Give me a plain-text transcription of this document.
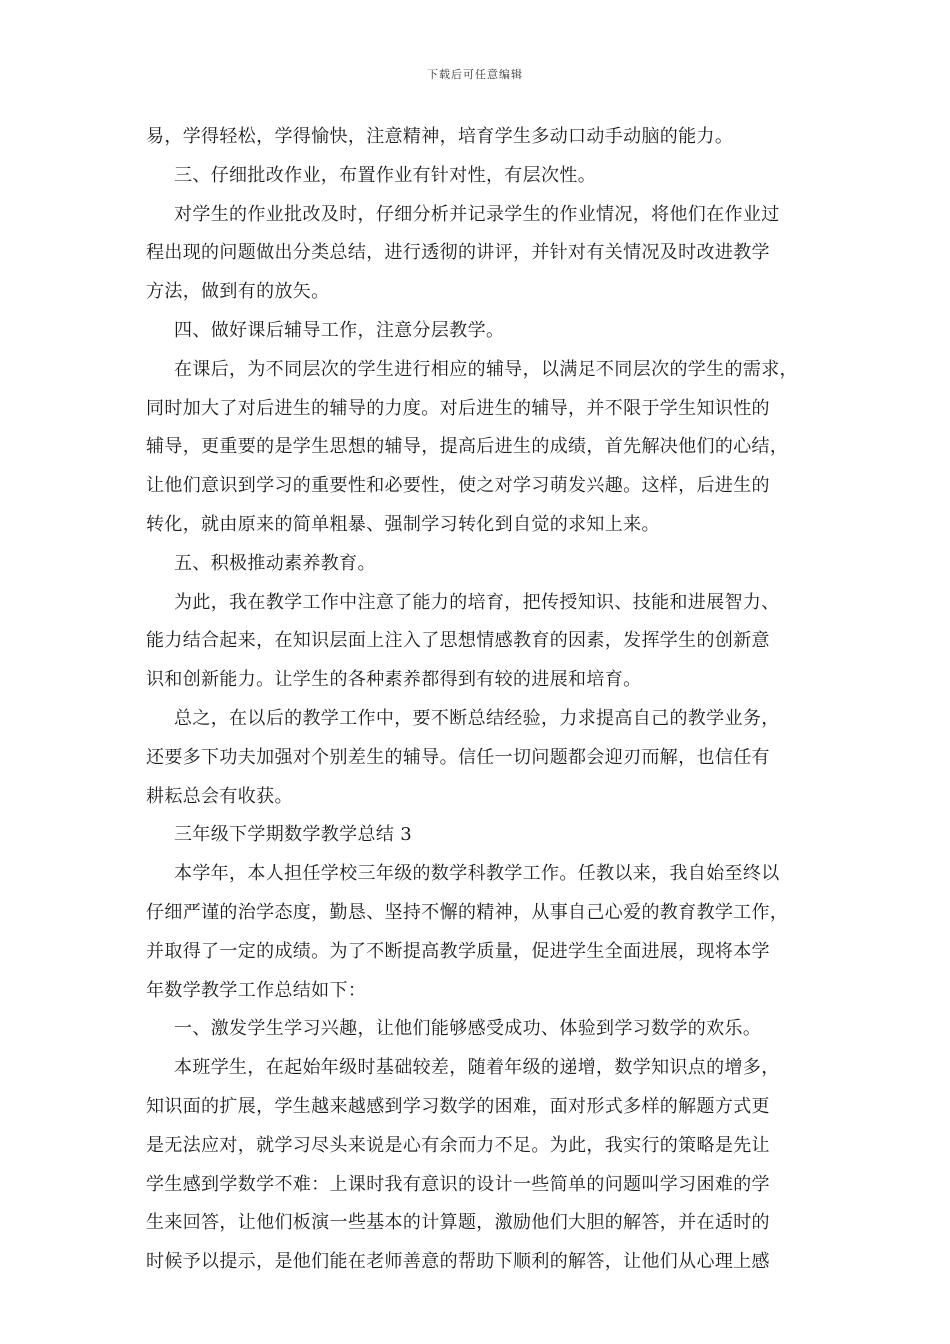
下载后可任意编辑
易，学得轻松，学得愉快，注意精神，培育学生多动口动手动脑的能力。
三、仔细批改作业，布置作业有针对性，有层次性。
对学生的作业批改及时，仔细分析并记录学生的作业情况，将他们在作业过
程出现的问题做出分类总结，进行透彻的讲评，并针对有关情况及时改进教学
方法，做到有的放矢。
四、做好课后辅导工作，注意分层教学。
在课后，为不同层次的学生进行相应的辅导，以满足不同层次的学生的需求，
同时加大了对后进生的辅导的力度。对后进生的辅导，并不限于学生知识性的
辅导，更重要的是学生思想的辅导，提高后进生的成绩，首先解决他们的心结，
让他们意识到学习的重要性和必要性，使之对学习萌发兴趣。这样，后进生的
转化，就由原来的简单粗暴、强制学习转化到自觉的求知上来。
五、积极推动素养教育。
为此，我在教学工作中注意了能力的培育，把传授知识、技能和进展智力、
能力结合起来，在知识层面上注入了思想情感教育的因素，发挥学生的创新意
识和创新能力。让学生的各种素养都得到有较的进展和培育。
总之，在以后的教学工作中，要不断总结经验，力求提高自己的教学业务，
还要多下功夫加强对个别差生的辅导。信任一切问题都会迎刃而解，也信任有
耕耘总会有收获。
三年级下学期数学教学总结 3
本学年，本人担任学校三年级的数学科教学工作。任教以来，我自始至终以
仔细严谨的治学态度，勤恳、坚持不懈的精神，从事自己心爱的教育教学工作，
并取得了一定的成绩。为了不断提高教学质量，促进学生全面进展，现将本学
年数学教学工作总结如下：
一、激发学生学习兴趣，让他们能够感受成功、体验到学习数学的欢乐。
本班学生，在起始年级时基础较差，随着年级的递增，数学知识点的增多，
知识面的扩展，学生越来越感到学习数学的困难，面对形式多样的解题方式更
是无法应对，就学习尽头来说是心有余而力不足。为此，我实行的策略是先让
学生感到学数学不难：上课时我有意识的设计一些简单的问题叫学习困难的学
生来回答，让他们板演一些基本的计算题，激励他们大胆的解答，并在适时的
时候予以提示，是他们能在老师善意的帮助下顺利的解答，让他们从心理上感
